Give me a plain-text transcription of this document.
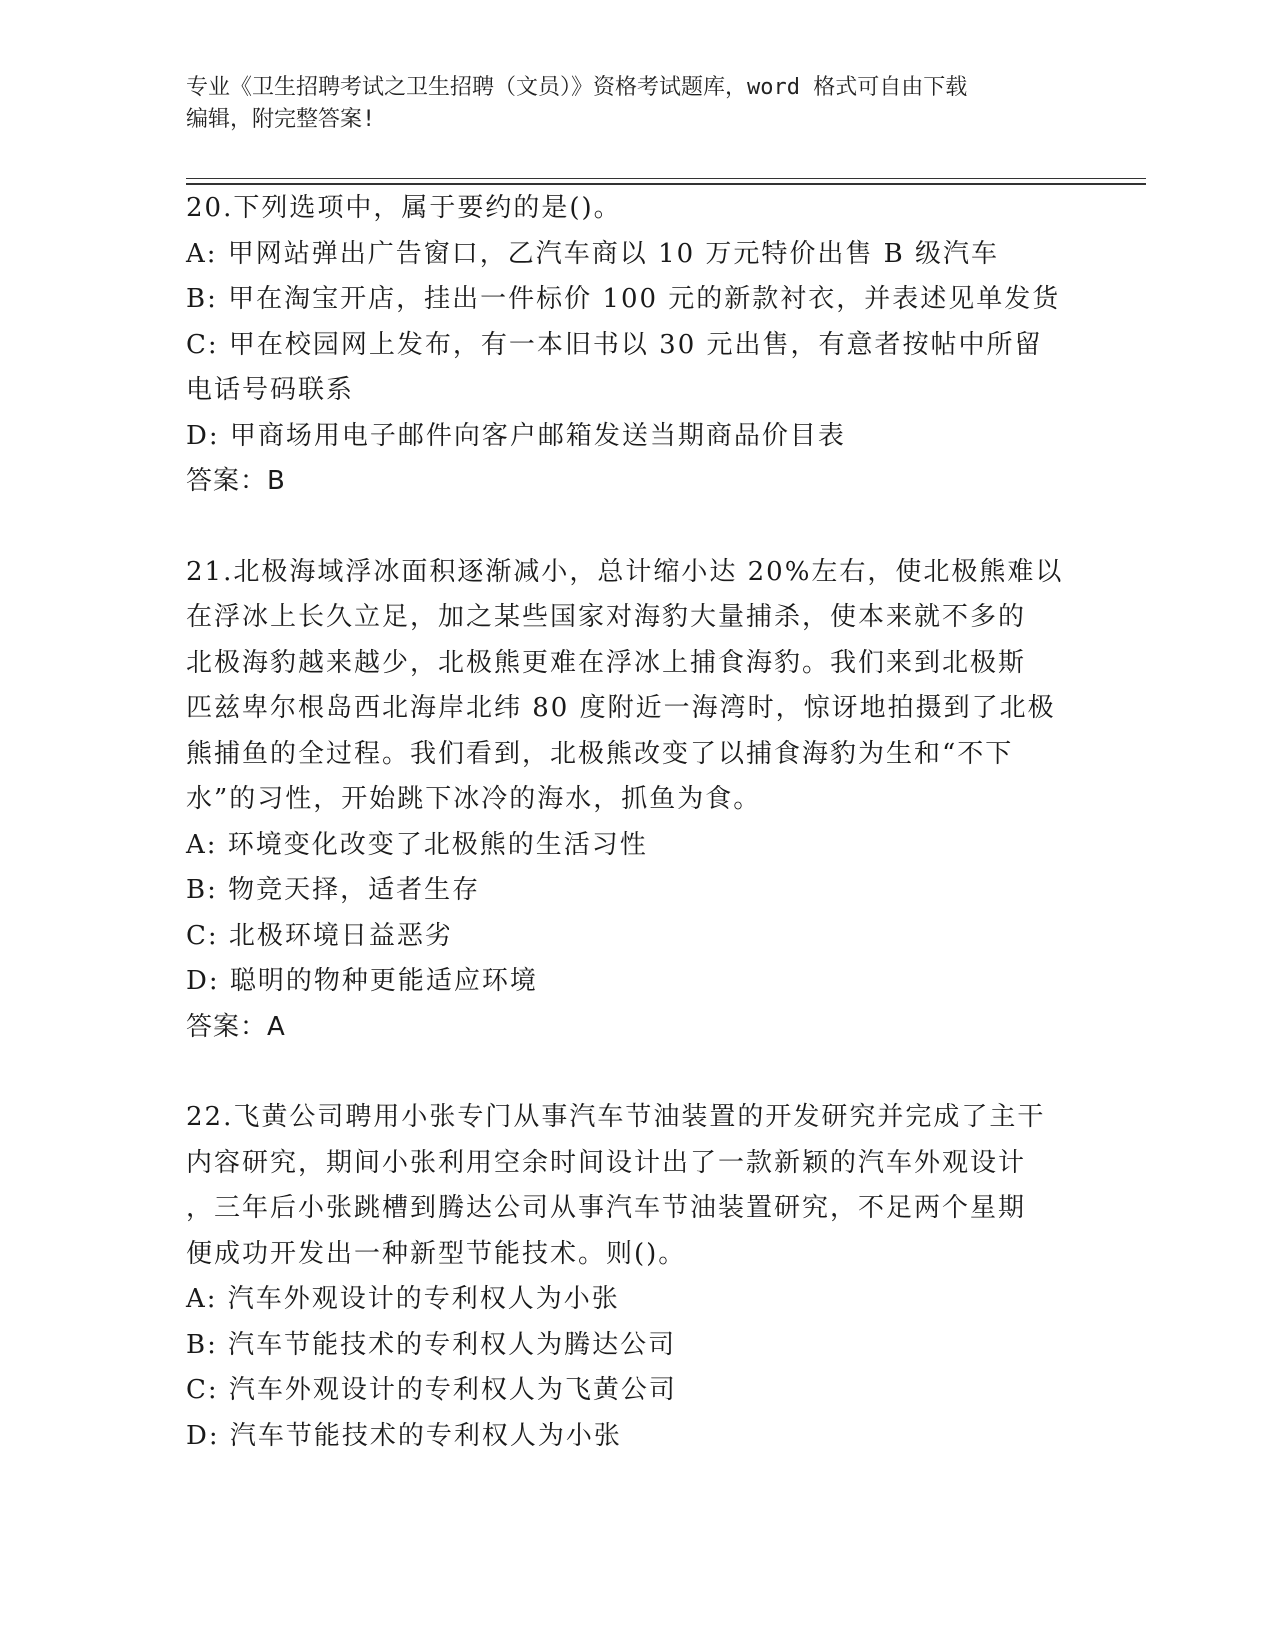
专业《卫生招聘考试之卫生招聘（文员）》资格考试题库，word 格式可自由下载
编辑，附完整答案!
20.下列选项中，属于要约的是()。
A: 甲网站弹出广告窗口，乙汽车商以 10 万元特价出售 B 级汽车
B: 甲在淘宝开店，挂出一件标价 100 元的新款衬衣，并表述见单发货
C: 甲在校园网上发布，有一本旧书以 30 元出售，有意者按帖中所留
电话号码联系
D: 甲商场用电子邮件向客户邮箱发送当期商品价目表
答案：B
21.北极海域浮冰面积逐渐减小，总计缩小达 20%左右，使北极熊难以
在浮冰上长久立足，加之某些国家对海豹大量捕杀，使本来就不多的
北极海豹越来越少，北极熊更难在浮冰上捕食海豹。我们来到北极斯
匹兹卑尔根岛西北海岸北纬 80 度附近一海湾时，惊讶地拍摄到了北极
熊捕鱼的全过程。我们看到，北极熊改变了以捕食海豹为生和“不下
水”的习性，开始跳下冰冷的海水，抓鱼为食。
A: 环境变化改变了北极熊的生活习性
B: 物竞天择，适者生存
C: 北极环境日益恶劣
D: 聪明的物种更能适应环境
答案：A
22.飞黄公司聘用小张专门从事汽车节油装置的开发研究并完成了主干
内容研究，期间小张利用空余时间设计出了一款新颖的汽车外观设计
，三年后小张跳槽到腾达公司从事汽车节油装置研究，不足两个星期
便成功开发出一种新型节能技术。则()。
A: 汽车外观设计的专利权人为小张
B: 汽车节能技术的专利权人为腾达公司
C: 汽车外观设计的专利权人为飞黄公司
D: 汽车节能技术的专利权人为小张
